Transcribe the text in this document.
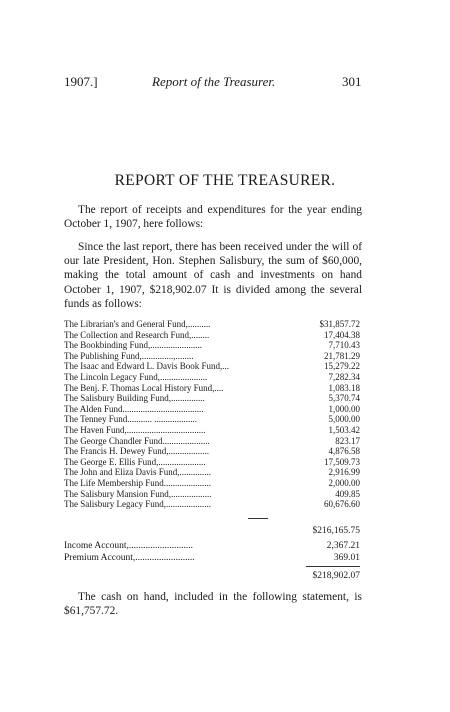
1907.]	Report of the Treasurer.	301
REPORT OF THE TREASURER.
The report of receipts and expenditures for the year ending October 1, 1907, here follows:
Since the last report, there has been received under the will of our late President, Hon. Stephen Salisbury, the sum of $60,000, making the total amount of cash and investments on hand October 1, 1907, $218,902.07 It is divided among the several funds as follows:
The Librarian's and General Fund,..........	$31,857.72
The Collection and Research Fund,........	17,404.38
The Bookbinding Fund,.......................	7,710.43
The Publishing Fund,..............,........	21,781.29
The Isaac and Edward L. Davis Book Fund,...	15,279.22
The Lincoln Legacy Fund,.....................	7,282.34
The Benj. F. Thomas Local History Fund,....	1,083.18
The Salisbury Building Fund,...............	5,370.74
The Alden Fund....................................	1,000.00
The Tenney Fund........... ...................	5,000.00
The Haven Fund,...................................	1,503.42
The George Chandler Fund.....................	823.17
The Francis H. Dewey Fund,..................	4,876.58
The George E. Ellis Fund,.....................	17,509.73
The John and Eliza Davis Fund,..............	2,916.99
The Life Membership Fund.....................	2,000.00
The Salisbury Mansion Fund,..................	409.85
The Salisbury Legacy Fund,....................	60,676.60
$216,165.75
Income Account,...........................	2,367.21
Premium Account,.........................	369.01
$218,902.07
The cash on hand, included in the following statement, is $61,757.72.
